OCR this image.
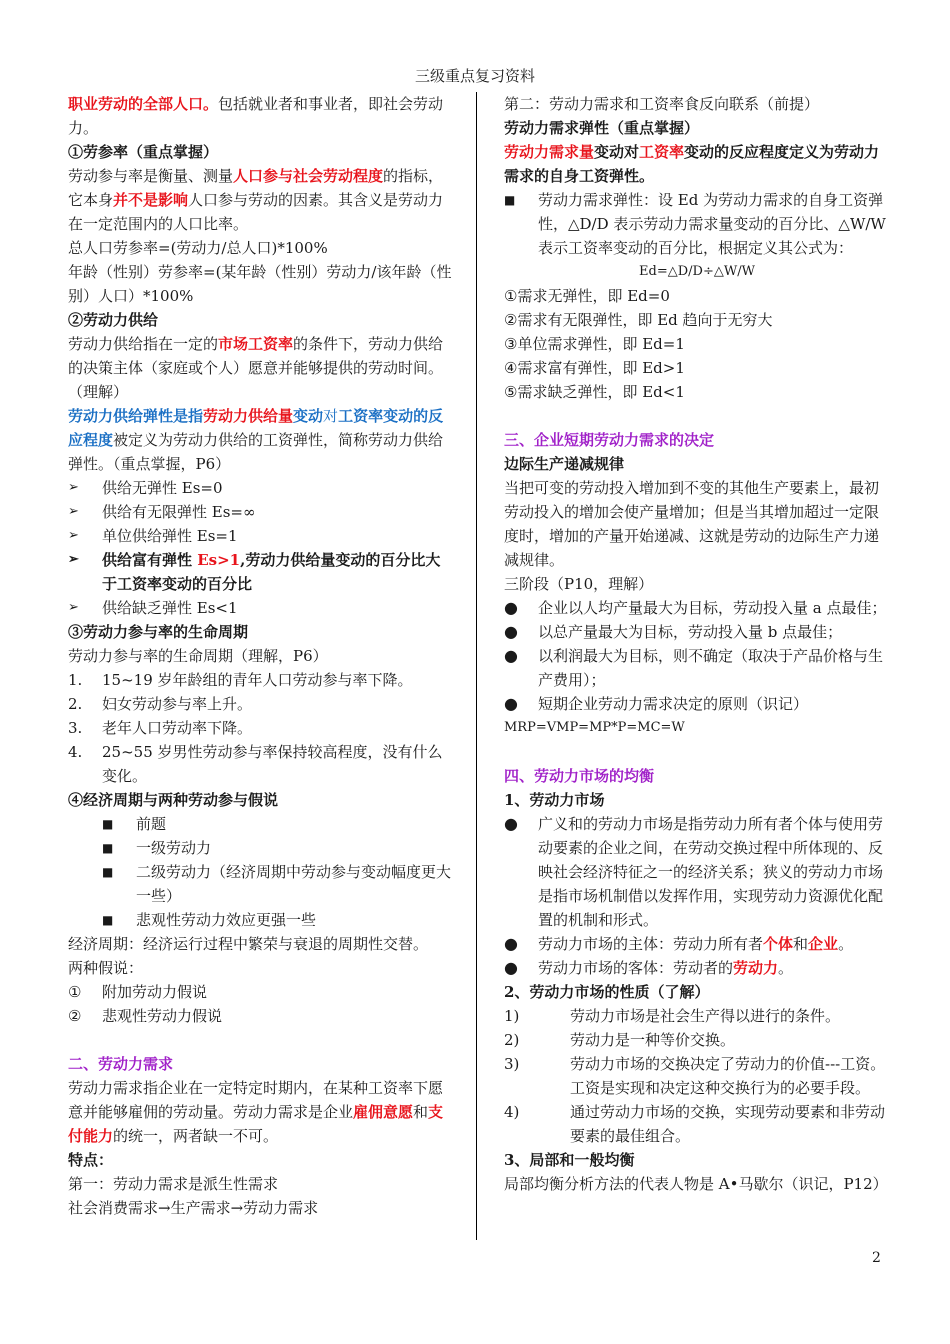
三级重点复习资料

职业劳动的全部人口。包括就业者和事业者，即社会劳动力。

①劳参率（重点掌握）

劳动参与率是衡量、测量人口参与社会劳动程度的指标，它本身并不是影响人口参与劳动的因素。其含义是劳动力在一定范围内的人口比率。

总人口劳参率=(劳动力/总人口)*100%

年龄（性别）劳参率=(某年龄（性别）劳动力/该年龄（性别）人口）*100%

②劳动力供给

劳动力供给指在一定的市场工资率的条件下，劳动力供给的决策主体（家庭或个人）愿意并能够提供的劳动时间。（理解）

劳动力供给弹性是指劳动力供给量变动对工资率变动的反应程度被定义为劳动力供给的工资弹性，简称劳动力供给弹性。（重点掌握，P6）

➢	供给无弹性 Es=0
➢	供给有无限弹性 Es=∞
➢	单位供给弹性 Es=1
➢	供给富有弹性 Es>1,劳动力供给量变动的百分比大于工资率变动的百分比
➢	供给缺乏弹性 Es<1

③劳动力参与率的生命周期

劳动力参与率的生命周期（理解，P6）

1.	15~19 岁年龄组的青年人口劳动参与率下降。
2.	妇女劳动参与率上升。
3.	老年人口劳动率下降。
4.	25~55 岁男性劳动参与率保持较高程度，没有什么变化。

④经济周期与两种劳动参与假说

■	前题
■	一级劳动力
■	二级劳动力（经济周期中劳动参与变动幅度更大一些）
■	悲观性劳动力效应更强一些

经济周期：经济运行过程中繁荣与衰退的周期性交替。

两种假说：

①	附加劳动力假说
②	悲观性劳动力假说

二、劳动力需求

劳动力需求指企业在一定特定时期内，在某种工资率下愿意并能够雇佣的劳动量。劳动力需求是企业雇佣意愿和支付能力的统一，两者缺一不可。

特点：

第一：劳动力需求是派生性需求

社会消费需求→生产需求→劳动力需求

第二：劳动力需求和工资率食反向联系（前提）

劳动力需求弹性（重点掌握）

劳动力需求量变动对工资率变动的反应程度定义为劳动力需求的自身工资弹性。

■	劳动力需求弹性：设 Ed 为劳动力需求的自身工资弹性，△D/D 表示劳动力需求量变动的百分比、△W/W 表示工资率变动的百分比，根据定义其公式为：

Ed=△D/D÷△W/W

① 需求无弹性，即 Ed=0
② 需求有无限弹性，即 Ed 趋向于无穷大
③ 单位需求弹性，即 Ed=1
④ 需求富有弹性，即 Ed>1
⑤ 需求缺乏弹性，即 Ed<1

三、企业短期劳动力需求的决定

边际生产递减规律

当把可变的劳动投入增加到不变的其他生产要素上，最初劳动投入的增加会使产量增加；但是当其增加超过一定限度时，增加的产量开始递减、这就是劳动的边际生产力递减规律。

三阶段（P10，理解）

●	企业以人均产量最大为目标，劳动投入量 a 点最佳；
●	以总产量最大为目标，劳动投入量 b 点最佳；
●	以利润最大为目标，则不确定（取决于产品价格与生产费用）；
●	短期企业劳动力需求决定的原则（识记）

MRP=VMP=MP*P=MC=W

四、劳动力市场的均衡

1、劳动力市场

●	广义和的劳动力市场是指劳动力所有者个体与使用劳动要素的企业之间，在劳动交换过程中所体现的、反映社会经济特征之一的经济关系；狭义的劳动力市场是指市场机制借以发挥作用，实现劳动力资源优化配置的机制和形式。
●	劳动力市场的主体：劳动力所有者个体和企业。
●	劳动力市场的客体：劳动者的劳动力。

2、劳动力市场的性质（了解）

1)	劳动力市场是社会生产得以进行的条件。
2)	劳动力是一种等价交换。
3)	劳动力市场的交换决定了劳动力的价值---工资。工资是实现和决定这种交换行为的必要手段。
4)	通过劳动力市场的交换，实现劳动要素和非劳动要素的最佳组合。

3、局部和一般均衡

局部均衡分析方法的代表人物是 A•马歇尔（识记，P12）

2
